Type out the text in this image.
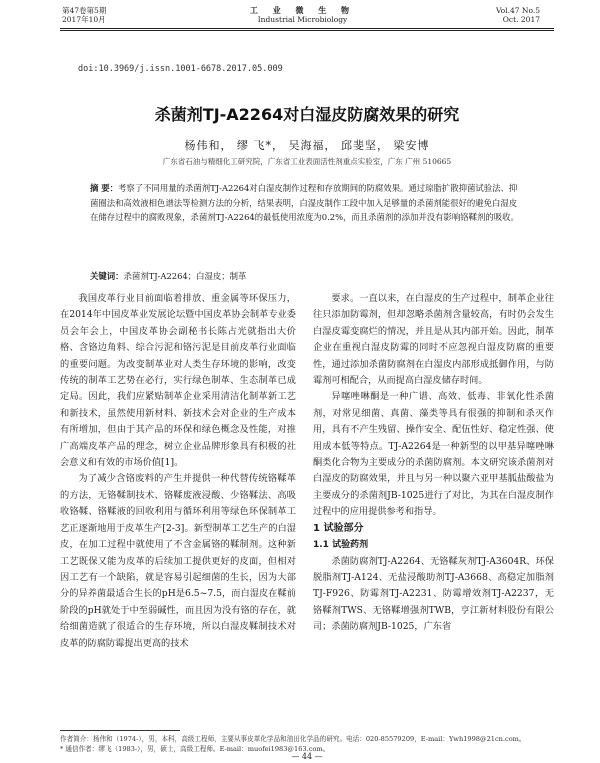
第47卷第5期
2017年10月
工 业 微 生 物
Industrial Microbiology
Vol.47 No.5
Oct. 2017
doi:10.3969/j.issn.1001-6678.2017.05.009
杀菌剂TJ-A2264对白湿皮防腐效果的研究
杨伟和， 缪 飞*， 吴海福， 邱斐坚， 梁安博
广东省石油与精细化工研究院，广东省工业表面活性剂重点实验室，广东 广州 510665
摘 要：考察了不同用量的杀菌剂TJ-A2264对白湿皮制作过程和存放期间的防腐效果。通过琼脂扩散抑菌试验法、抑菌圈法和高效液相色谱法等检测方法的分析，结果表明，白湿皮制作工段中加入足够量的杀菌剂能很好的避免白湿皮在储存过程中的腐败现象，杀菌剂TJ-A2264的最低使用浓度为0.2%，而且杀菌剂的添加并没有影响铬鞣剂的吸收。
关键词：杀菌剂TJ-A2264；白湿皮；制革

我国皮革行业目前面临着排放、重金属等环保压力，在2014年中国皮革业发展论坛暨中国皮革协会制革专业委员会年会上，中国皮革协会副秘书长陈占光就指出大价格、含铬边角料、综合污泥和铬污泥是目前皮革行业面临的重要问题。为改变制革业对人类生存环境的影响，改变传统的制革工艺势在必行，实行绿色制革、生态制革已成定局。因此，我们应紧贴制革企业采用清洁化制革新工艺和新技术，虽然使用新材料、新技术会对企业的生产成本有所增加，但由于其产品的环保和绿色概念及性能，对推广高端皮革产品的理念，树立企业品牌形象具有积极的社会意义和有效的市场价值[1]。

为了减少含铬废料的产生并提供一种代替传统铬鞣革的方法，无铬鞣制技术、铬鞣废液浸酸、少铬鞣法、高吸收铬鞣、铬鞣液的回收利用与循环利用等绿色环保制革工艺正逐渐地用于皮革生产[2-3]。新型制革工艺生产的白湿皮，在加工过程中就使用了不含金属铬的鞣制剂。这种新工艺既保又能为皮革的后续加工提供更好的皮面，但相对因工艺有一个缺陷，就是容易引起细菌的生长，因为大部分的异养菌最适合生长的pH是6.5~7.5，而白湿皮在鞣前阶段的pH就处于中至弱碱性，而且因为没有铬的存在，就给细菌造就了很适合的生存环境，所以白湿皮鞣制技术对皮革的防腐防霉提出更高的技术

要求。一直以来，在白湿皮的生产过程中，制革企业往往只添加防霉剂，但却忽略杀菌剂含量较高，有时仍会发生白湿皮霉变腐烂的情况，并且是从其内部开始。因此，制革企业在重视白湿皮防霉的同时不应忽视白湿皮防腐的重要性，通过添加杀菌防腐剂在白湿皮内部形成抵御作用，与防霉剂可相配合，从而提高白湿皮储存时间。

异噻唑啉酮是一种广谱、高效、低毒、非氧化性杀菌剂，对常见细菌、真菌、藻类等具有很强的抑制和杀灭作用，具有不产生残留、操作安全、配伍性好、稳定性强、使用成本低等特点。TJ-A2264是一种新型的以甲基异噻唑啉酮类化合物为主要成分的杀菌防腐剂。本文研究该杀菌剂对白湿皮的防腐效果，并且与另一种以聚六亚甲基胍盐酸盐为主要成分的杀菌剂JB-1025进行了对比，为其在白湿皮制作过程中的应用提供参考和指导。

1 试验部分

1.1 试验药剂

杀菌防腐剂TJ-A2264、无铬鞣灰剂TJ-A3604R、环保脱脂剂TJ-A124、无盐浸酸助剂TJ-A3668、高稳定加脂剂TJ-F926、防霉剂TJ-A2231、防霉增效剂TJ-A2237，无铬鞣剂TWS、无铬鞣增强剂TWB，亨江新材料股份有限公司；杀菌防腐剂JB-1025，广东省

作者简介：杨伟和（1974-），男，本科，高级工程师，主要从事皮革化学品和油田化学品的研究。电话：020-85579209，E-mail：Ywh1998@21cn.com。
* 通信作者：缪飞（1983-），男，硕士，高级工程师。E-mail：muofei1983@163.com。
— 44 —
